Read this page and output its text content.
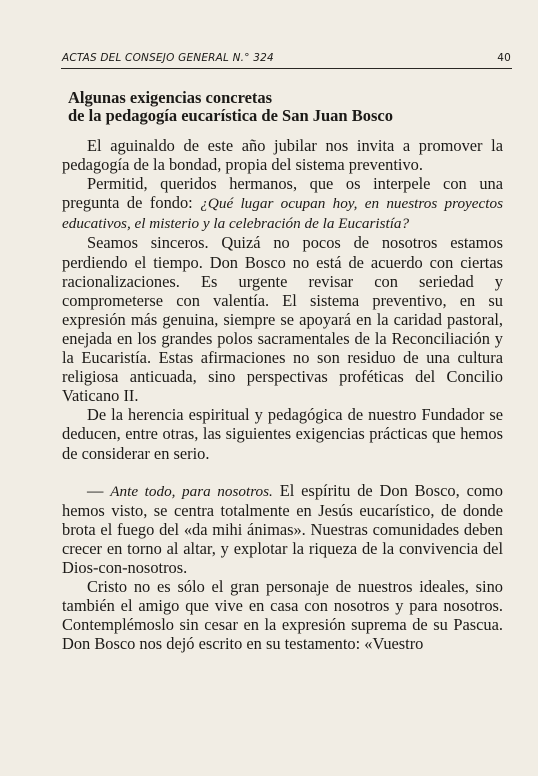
ACTAS DEL CONSEJO GENERAL N.° 324	40
Algunas exigencias concretas
de la pedagogía eucarística de San Juan Bosco

El aguinaldo de este año jubilar nos invita a promover la pedagogía de la bondad, propia del sistema preventivo.

Permitid, queridos hermanos, que os interpele con una pregunta de fondo: ¿Qué lugar ocupan hoy, en nuestros proyectos educativos, el misterio y la celebración de la Eucaristía?

Seamos sinceros. Quizá no pocos de nosotros estamos perdiendo el tiempo. Don Bosco no está de acuerdo con ciertas racionalizaciones. Es urgente revisar con seriedad y comprometerse con valentía. El sistema preventivo, en su expresión más genuina, siempre se apoyará en la caridad pastoral, enejada en los grandes polos sacramentales de la Reconciliación y la Eucaristía. Estas afirmaciones no son residuo de una cultura religiosa anticuada, sino perspectivas proféticas del Concilio Vaticano II.

De la herencia espiritual y pedagógica de nuestro Fundador se deducen, entre otras, las siguientes exigencias prácticas que hemos de considerar en serio.

— Ante todo, para nosotros. El espíritu de Don Bosco, como hemos visto, se centra totalmente en Jesús eucarístico, de donde brota el fuego del «da mihi ánimas». Nuestras comunidades deben crecer en torno al altar, y explotar la riqueza de la convivencia del Dios-con-nosotros.

Cristo no es sólo el gran personaje de nuestros ideales, sino también el amigo que vive en casa con nosotros y para nosotros. Contemplémoslo sin cesar en la expresión suprema de su Pascua. Don Bosco nos dejó escrito en su testamento: «Vuestro
